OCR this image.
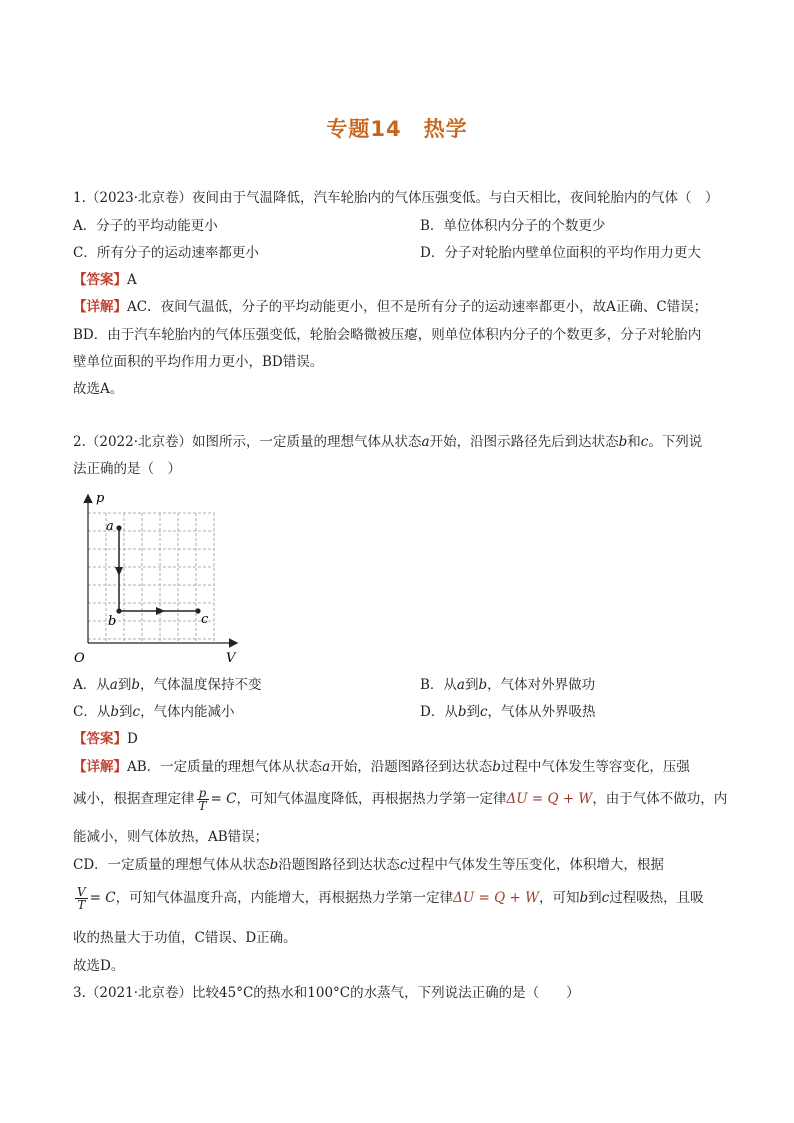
专题14　热学
1.（2023·北京卷）夜间由于气温降低，汽车轮胎内的气体压强变低。与白天相比，夜间轮胎内的气体（　）
A．分子的平均动能更小	B．单位体积内分子的个数更少
C．所有分子的运动速率都更小	D．分子对轮胎内壁单位面积的平均作用力更大
【答案】A
【详解】AC．夜间气温低，分子的平均动能更小，但不是所有分子的运动速率都更小，故A正确、C错误；
BD．由于汽车轮胎内的气体压强变低，轮胎会略微被压瘪，则单位体积内分子的个数更多，分子对轮胎内
壁单位面积的平均作用力更小，BD错误。
故选A。
2.（2022·北京卷）如图所示，一定质量的理想气体从状态a开始，沿图示路径先后到达状态b和c。下列说
法正确的是（　）
p
V
O
a
b	c
A．从a到b，气体温度保持不变	B．从a到b，气体对外界做功
C．从b到c，气体内能减小	D．从b到c，气体从外界吸热
【答案】D
【详解】AB．一定质量的理想气体从状态a开始，沿题图路径到达状态b过程中气体发生等容变化，压强
减小，根据查理定律 $\frac{p}{T} = C$，可知气体温度降低，再根据热力学第一定律ΔU = Q + W，由于气体不做功，内
能减小，则气体放热，AB错误；
CD．一定质量的理想气体从状态b沿题图路径到达状态c过程中气体发生等压变化，体积增大，根据
$\frac{V}{T} = C$，可知气体温度升高，内能增大，再根据热力学第一定律ΔU = Q + W，可知b到c过程吸热，且吸
收的热量大于功值，C错误、D正确。
故选D。
3.（2021·北京卷）比较45°C的热水和100°C的水蒸气，下列说法正确的是（　　）
